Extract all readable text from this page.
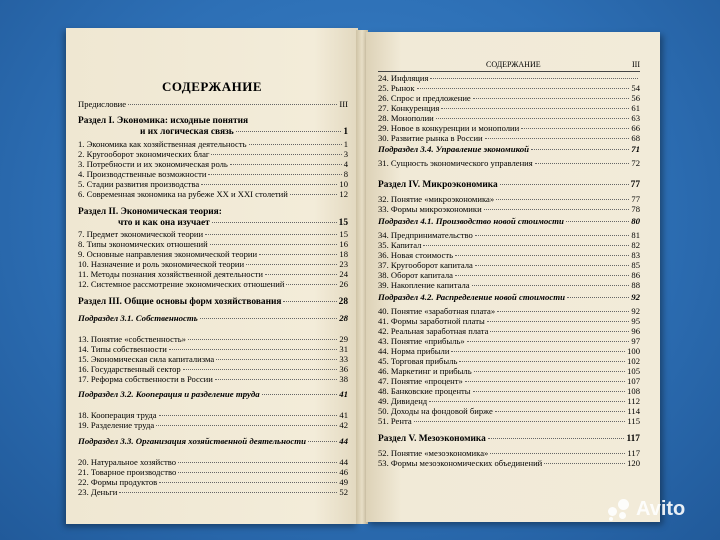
СОДЕРЖАНИЕ
СОДЕРЖАНИЕ	III
Предисловие	III
Раздел I. Экономика: исходные понятия
и их логическая связь	1
1. Экономика как хозяйственная деятельность	1
2. Кругооборот экономических благ	3
3. Потребности и их экономическая роль	4
4. Производственные возможности	8
5. Стадии развития производства	10
6. Современная экономика на рубеже XX и XXI столетий	12
Раздел II. Экономическая теория:
что и как она изучает	15
7. Предмет экономической теории	15
8. Типы экономических отношений	16
9. Основные направления экономической теории	18
10. Назначение и роль экономической теории	23
11. Методы познания хозяйственной деятельности	24
12. Системное рассмотрение экономических отношений	26
Раздел III. Общие основы форм хозяйствования	28
Подраздел 3.1. Собственность	28
13. Понятие «собственность»	29
14. Типы собственности	31
15. Экономическая сила капитализма	33
16. Государственный сектор	36
17. Реформа собственности в России	38
Подраздел 3.2. Кооперация и разделение труда	41
18. Кооперация труда	41
19. Разделение труда	42
Подраздел 3.3. Организация хозяйственной деятельности	44
20. Натуральное хозяйство	44
21. Товарное производство	46
22. Формы продуктов	49
23. Деньги	52
24. Инфляция
25. Рынок	54
26. Спрос и предложение	56
27. Конкуренция	61
28. Монополии	63
29. Новое в конкуренции и монополии	66
30. Развитие рынка в России	68
Подраздел 3.4. Управление экономикой	71
31. Сущность экономического управления	72
Раздел IV. Микроэкономика	77
32. Понятие «микроэкономика»	77
33. Формы микроэкономики	78
Подраздел 4.1. Производство новой стоимости	80
34. Предпринимательство	81
35. Капитал	82
36. Новая стоимость	83
37. Кругооборот капитала	85
38. Оборот капитала	86
39. Накопление капитала	88
Подраздел 4.2. Распределение новой стоимости	92
40. Понятие «заработная плата»	92
41. Формы заработной платы	95
42. Реальная заработная плата	96
43. Понятие «прибыль»	97
44. Норма прибыли	100
45. Торговая прибыль	102
46. Маркетинг и прибыль	105
47. Понятие «процент»	107
48. Банковские проценты	108
49. Дивиденд	112
50. Доходы на фондовой бирже	114
51. Рента	115
Раздел V. Мезоэкономика	117
52. Понятие «мезоэкономика»	117
53. Формы мезоэкономических объединений	120
Avito
